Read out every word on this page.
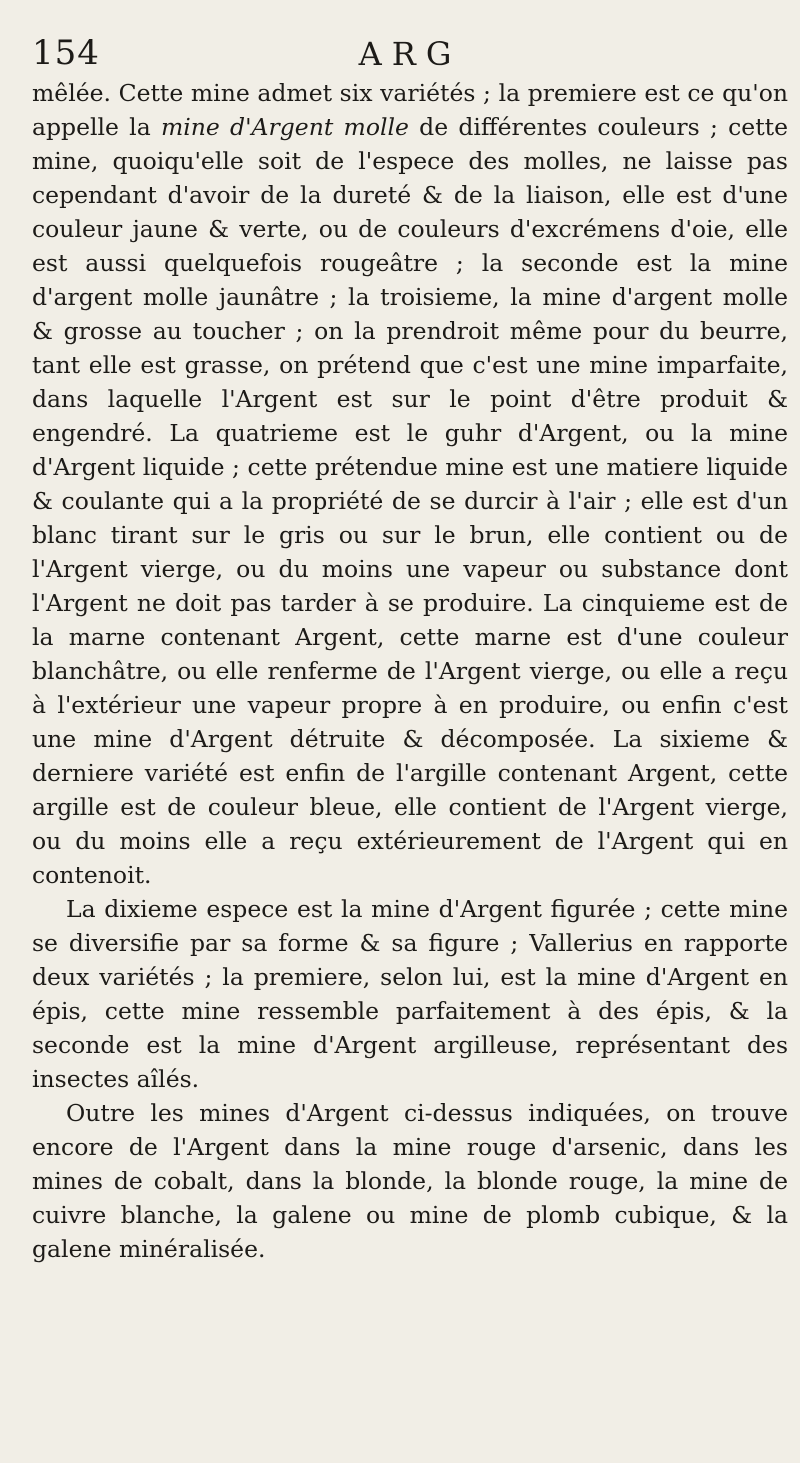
154	ARG

mêlée. Cette mine admet six variétés ; la premiere est ce qu'on appelle la mine d'Argent molle de différentes couleurs ; cette mine, quoiqu'elle soit de l'espece des molles, ne laisse pas cependant d'avoir de la dureté & de la liaison, elle est d'une couleur jaune & verte, ou de couleurs d'excrémens d'oie, elle est aussi quelquefois rougeâtre ; la seconde est la mine d'argent molle jaunâtre ; la troisieme, la mine d'argent molle & grosse au toucher ; on la prendroit même pour du beurre, tant elle est grasse, on prétend que c'est une mine imparfaite, dans laquelle l'Argent est sur le point d'être produit & engendré. La quatrieme est le guhr d'Argent, ou la mine d'Argent liquide ; cette prétendue mine est une matiere liquide & coulante qui a la propriété de se durcir à l'air ; elle est d'un blanc tirant sur le gris ou sur le brun, elle contient ou de l'Argent vierge, ou du moins une vapeur ou substance dont l'Argent ne doit pas tarder à se produire. La cinquieme est de la marne contenant Argent, cette marne est d'une couleur blanchâtre, ou elle renferme de l'Argent vierge, ou elle a reçu à l'extérieur une vapeur propre à en produire, ou enfin c'est une mine d'Argent détruite & décomposée. La sixieme & derniere variété est enfin de l'argille contenant Argent, cette argille est de couleur bleue, elle contient de l'Argent vierge, ou du moins elle a reçu extérieurement de l'Argent qui en contenoit.

La dixieme espece est la mine d'Argent figurée ; cette mine se diversifie par sa forme & sa figure ; Vallerius en rapporte deux variétés ; la premiere, selon lui, est la mine d'Argent en épis, cette mine ressemble parfaitement à des épis, & la seconde est la mine d'Argent argilleuse, représentant des insectes aîlés.

Outre les mines d'Argent ci-dessus indiquées, on trouve encore de l'Argent dans la mine rouge d'arsenic, dans les mines de cobalt, dans la blonde, la blonde rouge, la mine de cuivre blanche, la galene ou mine de plomb cubique, & la galene minéralisée.
